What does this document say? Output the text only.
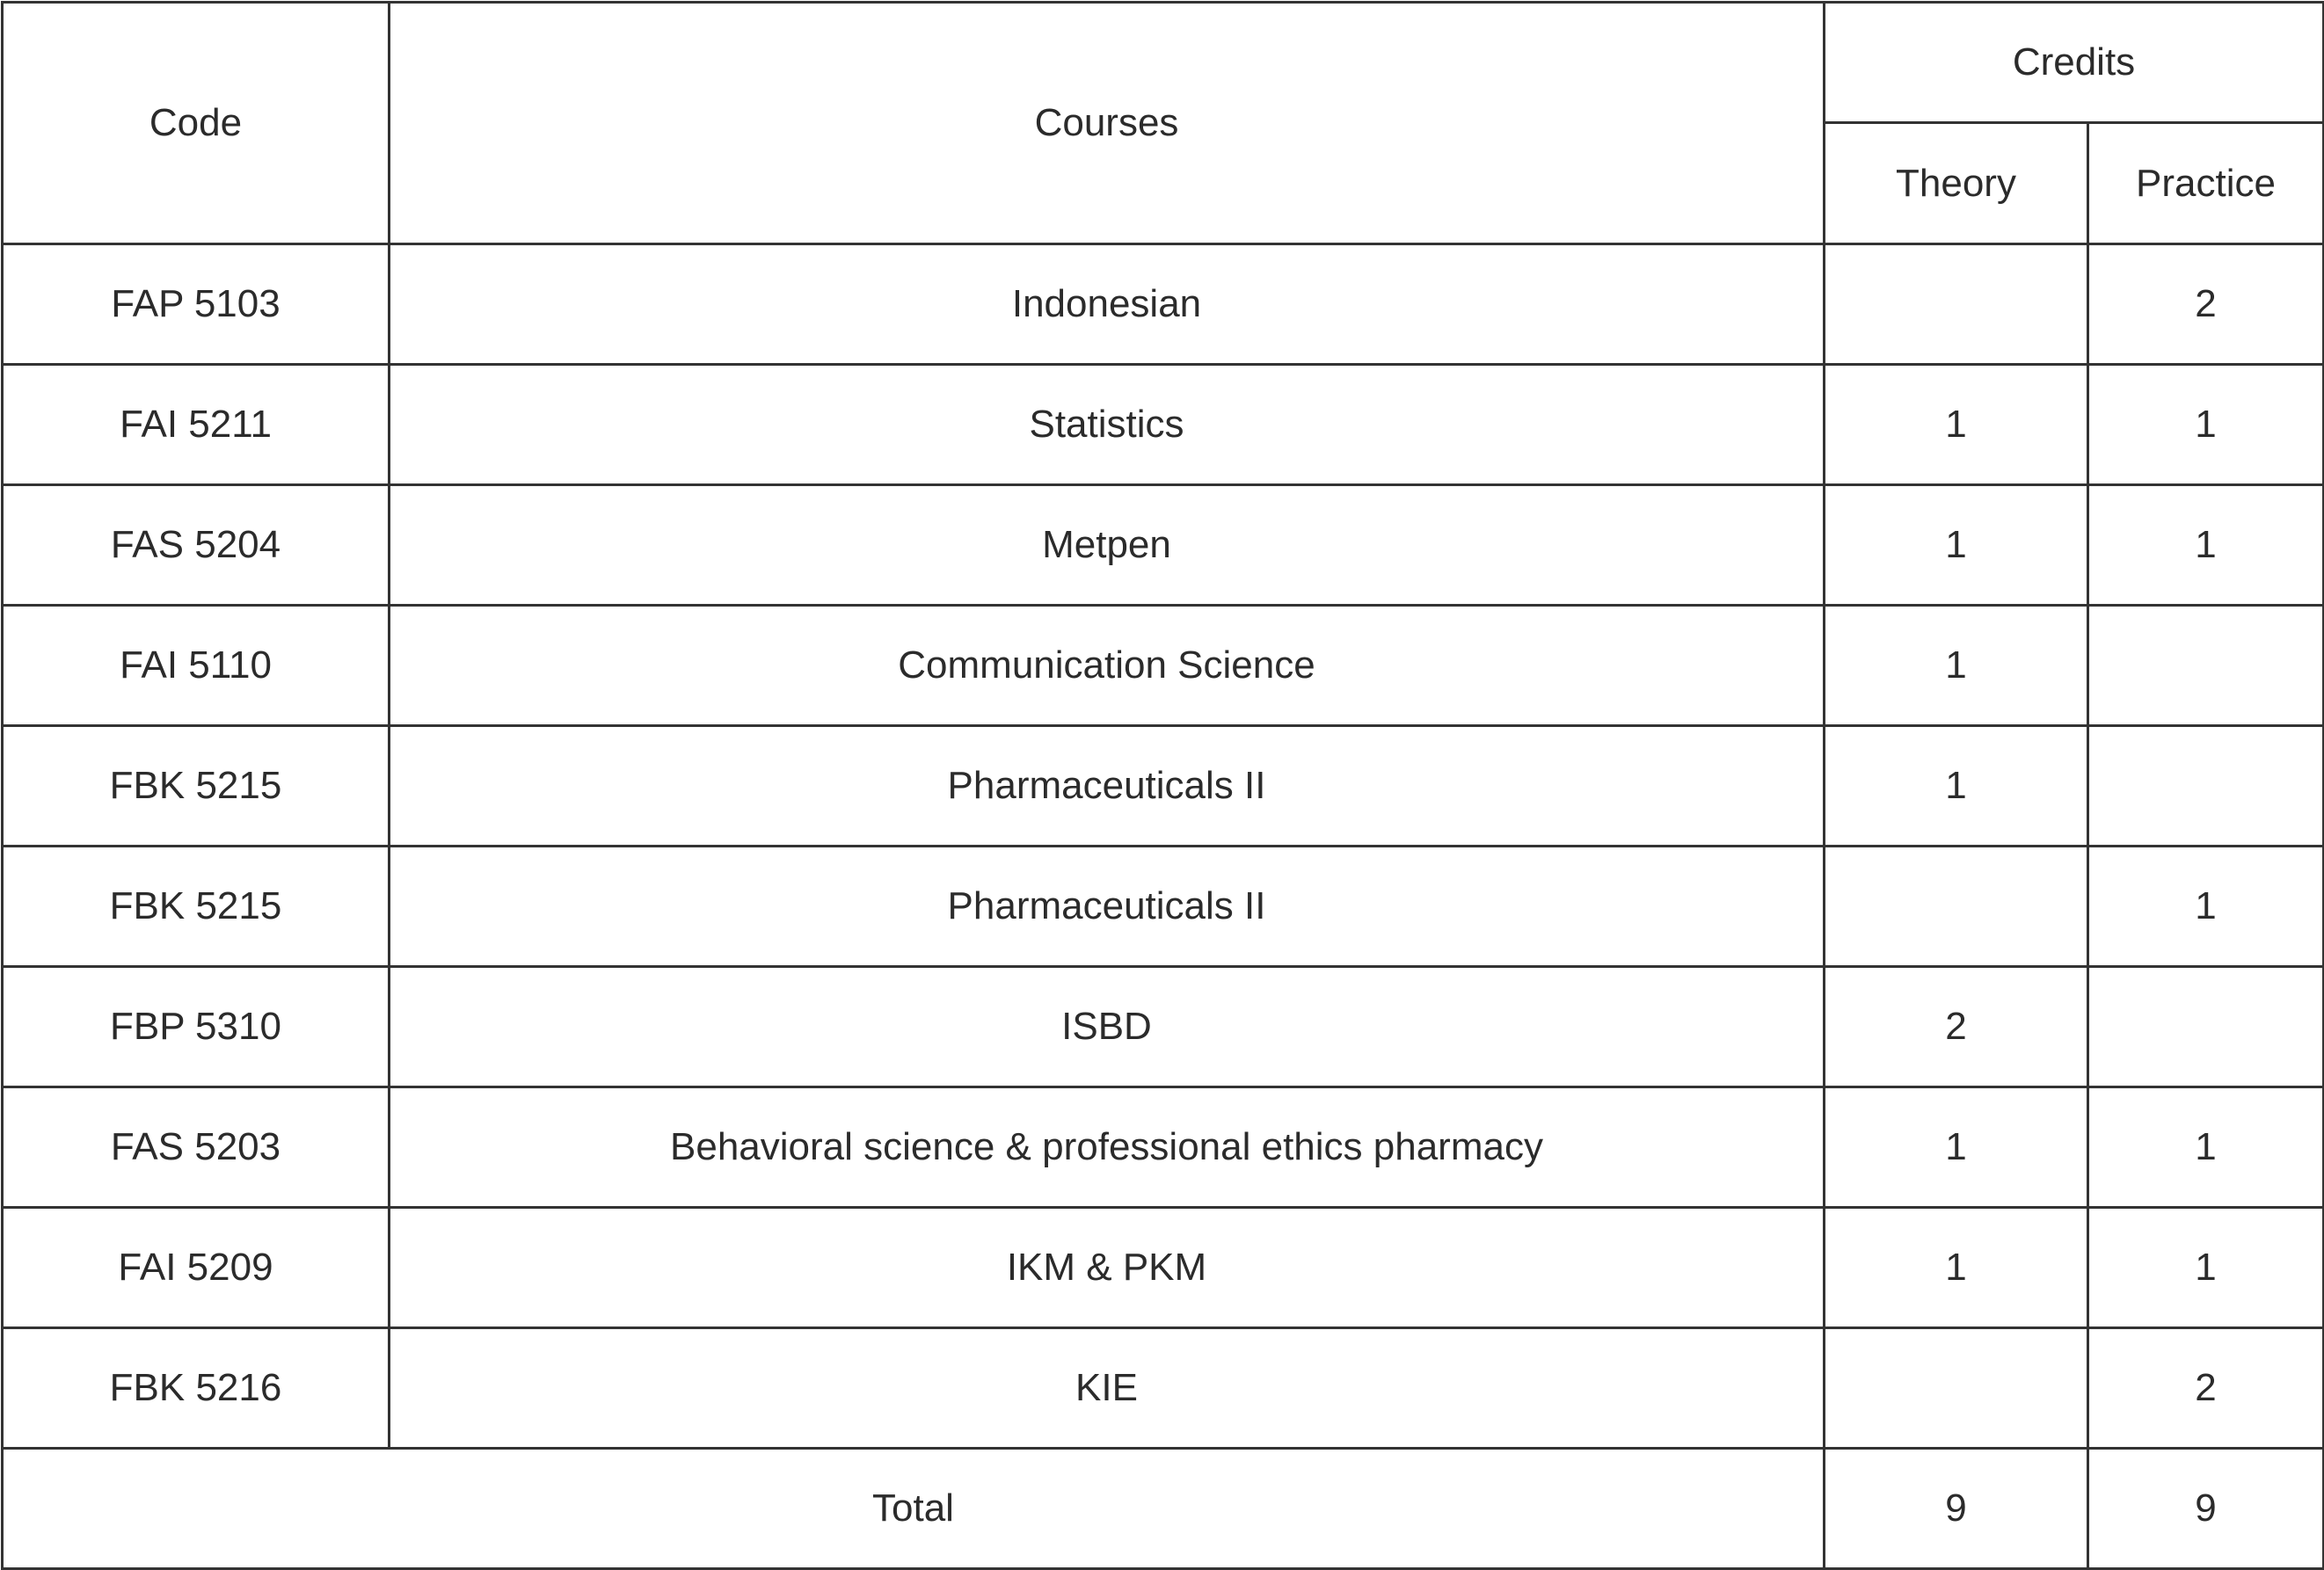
Code	Courses	Credits	
		Theory	Practice
FAP 5103	Indonesian		2
FAI 5211	Statistics	1	1
FAS 5204	Metpen	1	1
FAI 5110	Communication Science	1	
FBK 5215	Pharmaceuticals II	1	
FBK 5215	Pharmaceuticals II		1
FBP 5310	ISBD	2	
FAS 5203	Behavioral science & professional ethics pharmacy	1	1
FAI 5209	IKM & PKM	1	1
FBK 5216	KIE		2
Total		9	9
